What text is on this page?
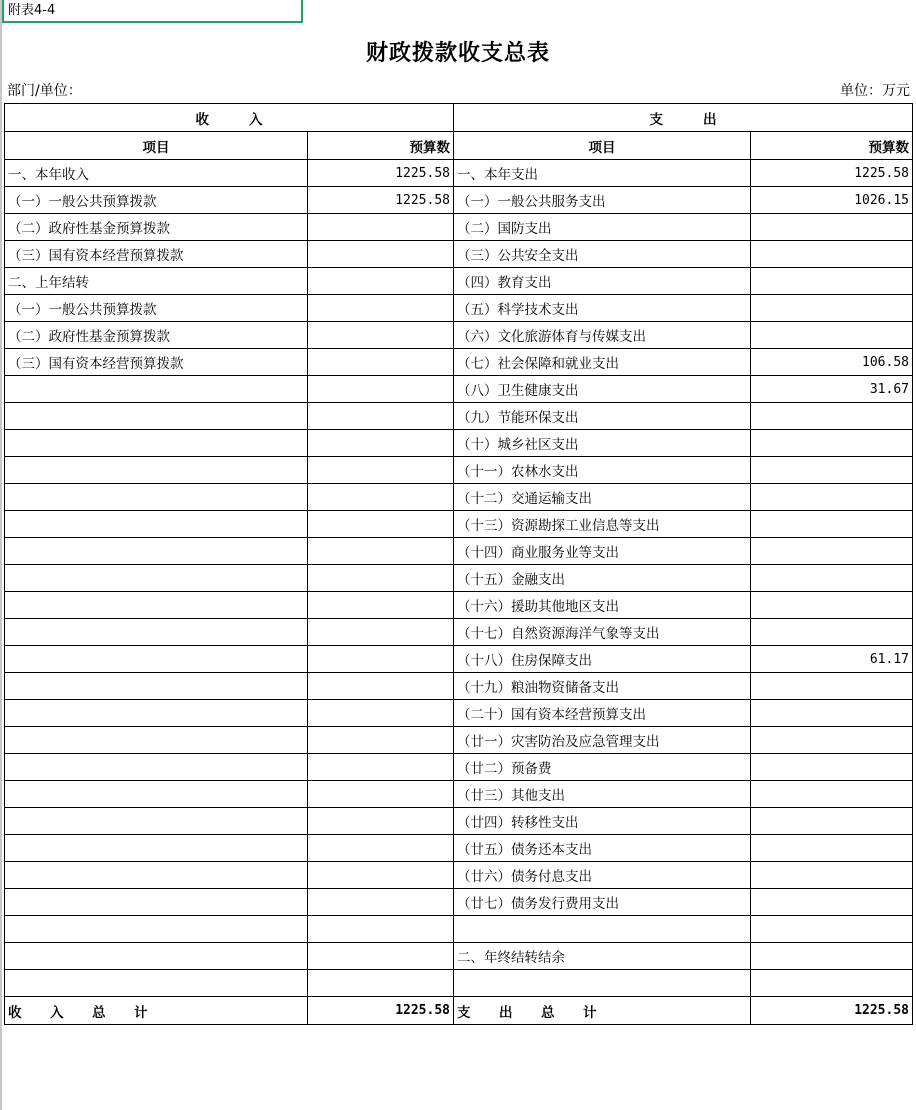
附表4-4
财政拨款收支总表
部门/单位：	单位：万元
收入		支出	
项目	预算数	项目	预算数
一、本年收入	1225.58	一、本年支出	1225.58
（一）一般公共预算拨款	1225.58	（一）一般公共服务支出	1026.15
（二）政府性基金预算拨款		（二）国防支出	
（三）国有资本经营预算拨款		（三）公共安全支出	
二、上年结转		（四）教育支出	
（一）一般公共预算拨款		（五）科学技术支出	
（二）政府性基金预算拨款		（六）文化旅游体育与传媒支出	
（三）国有资本经营预算拨款		（七）社会保障和就业支出	106.58
		（八）卫生健康支出	31.67
		（九）节能环保支出	
		（十）城乡社区支出	
		（十一）农林水支出	
		（十二）交通运输支出	
		（十三）资源勘探工业信息等支出	
		（十四）商业服务业等支出	
		（十五）金融支出	
		（十六）援助其他地区支出	
		（十七）自然资源海洋气象等支出	
		（十八）住房保障支出	61.17
		（十九）粮油物资储备支出	
		（二十）国有资本经营预算支出	
		（廿一）灾害防治及应急管理支出	
		（廿二）预备费	
		（廿三）其他支出	
		（廿四）转移性支出	
		（廿五）债务还本支出	
		（廿六）债务付息支出	
		（廿七）债务发行费用支出	

		二、年终结转结余	

收 入 总 计	1225.58	支 出 总 计	1225.58
